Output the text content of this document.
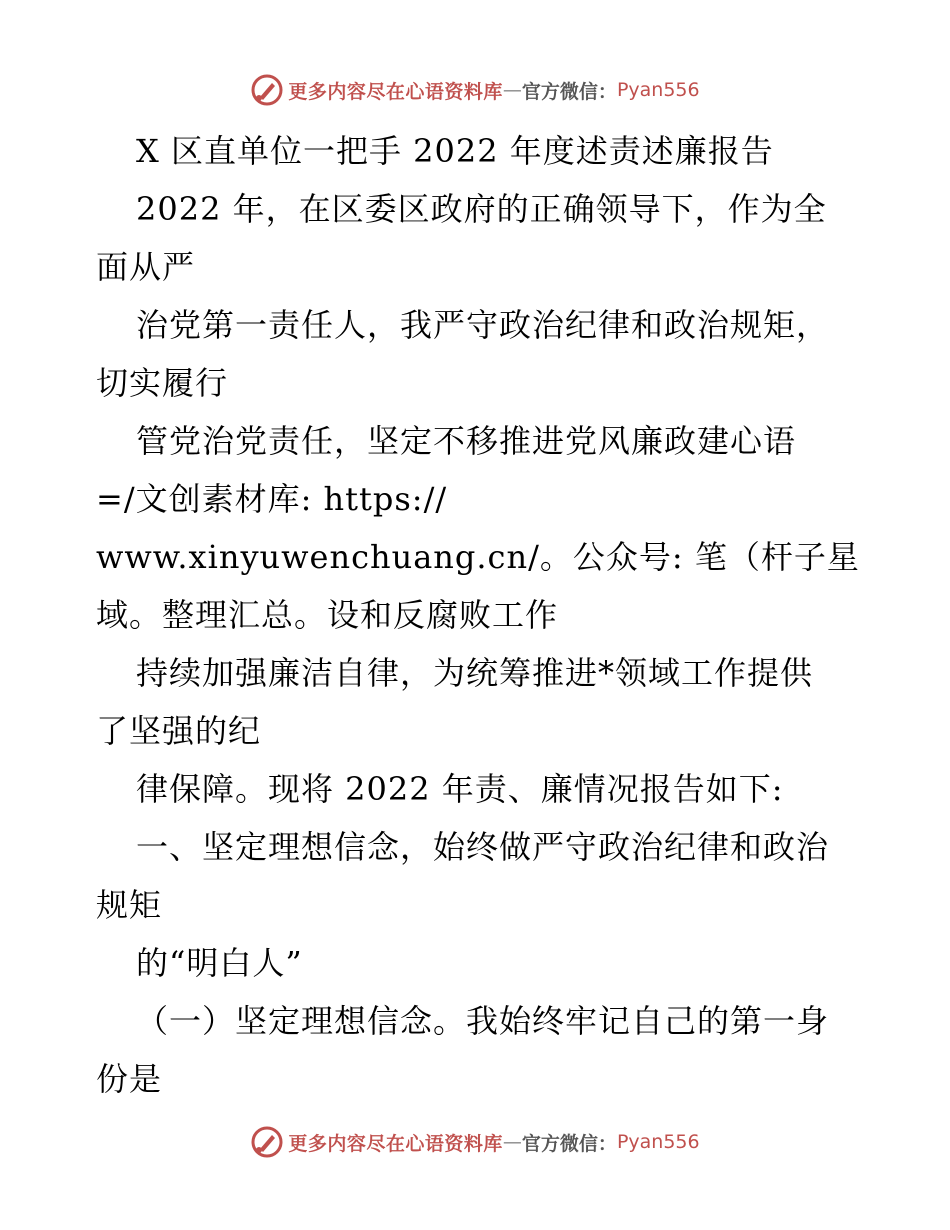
更多内容尽在心语资料库 — 官方微信： Pyan556
X 区直单位一把手 2022 年度述责述廉报告
2022 年，在区委区政府的正确领导下，作为全
面从严
治党第一责任人，我严守政治纪律和政治规矩，
切实履行
管党治党责任，坚定不移推进党风廉政建心语
=/文创素材库: https://
www.xinyuwenchuang.cn/。公众号: 笔（杆子星
域。整理汇总。设和反腐败工作
持续加强廉洁自律，为统筹推进*领域工作提供
了坚强的纪
律保障。现将 2022 年责、廉情况报告如下:
一、坚定理想信念，始终做严守政治纪律和政治
规矩
的“明白人”
（一）坚定理想信念。我始终牢记自己的第一身
份是
更多内容尽在心语资料库 — 官方微信： Pyan556
